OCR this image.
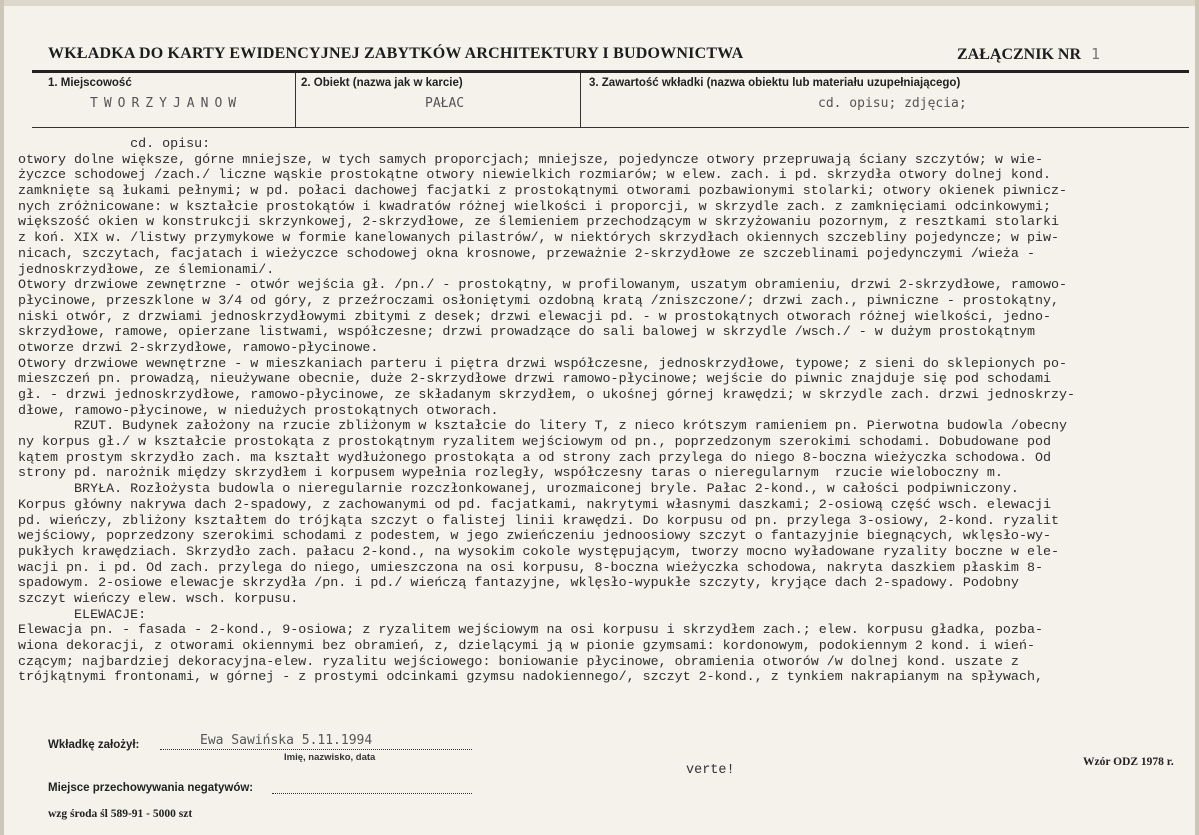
WKŁADKA DO KARTY EWIDENCYJNEJ ZABYTKÓW ARCHITEKTURY I BUDOWNICTWA	ZAŁĄCZNIK NR 1
1. Miejscowość
TWORZYJANOW
2. Obiekt (nazwa jak w karcie)
PAŁAC
3. Zawartość wkładki (nazwa obiektu lub materiału uzupełniającego)
cd. opisu; zdjęcia;
cd. opisu:
otwory dolne większe, górne mniejsze, w tych samych proporcjach; mniejsze, pojedyncze otwory przepruwają ściany szczytów; w wie-
życzce schodowej /zach./ liczne wąskie prostokątne otwory niewielkich rozmiarów; w elew. zach. i pd. skrzydła otwory dolnej kond.
zamknięte są łukami pełnymi; w pd. połaci dachowej facjatki z prostokątnymi otworami pozbawionymi stolarki; otwory okienek piwnicz-
nych zróżnicowane: w kształcie prostokątów i kwadratów różnej wielkości i proporcji, w skrzydle zach. z zamknięciami odcinkowymi;
większość okien w konstrukcji skrzynkowej, 2-skrzydłowe, ze ślemieniem przechodzącym w skrzyżowaniu pozornym, z resztkami stolarki
z koń. XIX w. /listwy przymykowe w formie kanelowanych pilastrów/, w niektórych skrzydłach okiennych szczebliny pojedyncze; w piw-
nicach, szczytach, facjatach i wieżyczce schodowej okna krosnowe, przeważnie 2-skrzydłowe ze szczeblinami pojedynczymi /wieża -
jednoskrzydłowe, ze ślemionami/.
Otwory drzwiowe zewnętrzne - otwór wejścia gł. /pn./ - prostokątny, w profilowanym, uszatym obramieniu, drzwi 2-skrzydłowe, ramowo-
płycinowe, przeszklone w 3/4 od góry, z przeźroczami osłoniętymi ozdobną kratą /zniszczone/; drzwi zach., piwniczne - prostokątny,
niski otwór, z drzwiami jednoskrzydłowymi zbitymi z desek; drzwi elewacji pd. - w prostokątnych otworach różnej wielkości, jedno-
skrzydłowe, ramowe, opierzane listwami, współczesne; drzwi prowadzące do sali balowej w skrzydle /wsch./ - w dużym prostokątnym
otworze drzwi 2-skrzydłowe, ramowo-płycinowe.
Otwory drzwiowe wewnętrzne - w mieszkaniach parteru i piętra drzwi współczesne, jednoskrzydłowe, typowe; z sieni do sklepionych po-
mieszczeń pn. prowadzą, nieużywane obecnie, duże 2-skrzydłowe drzwi ramowo-płycinowe; wejście do piwnic znajduje się pod schodami
gł. - drzwi jednoskrzydłowe, ramowo-płycinowe, ze składanym skrzydłem, o ukośnej górnej krawędzi; w skrzydle zach. drzwi jednoskrzy-
dłowe, ramowo-płycinowe, w niedużych prostokątnych otworach.
RZUT. Budynek założony na rzucie zbliżonym w kształcie do litery T, z nieco krótszym ramieniem pn. Pierwotna budowla /obecny
ny korpus gł./ w kształcie prostokąta z prostokątnym ryzalitem wejściowym od pn., poprzedzonym szerokimi schodami. Dobudowane pod
kątem prostym skrzydło zach. ma kształt wydłużonego prostokąta a od strony zach przylega do niego 8-boczna wieżyczka schodowa. Od
strony pd. narożnik między skrzydłem i korpusem wypełnia rozległy, współczesny taras o nieregularnym  rzucie wieloboczny m.
BRYŁA. Rozłożysta budowla o nieregularnie rozczłonkowanej, urozmaiconej bryle. Pałac 2-kond., w całości podpiwniczony.
Korpus główny nakrywa dach 2-spadowy, z zachowanymi od pd. facjatkami, nakrytymi własnymi daszkami; 2-osiową część wsch. elewacji
pd. wieńczy, zbliżony kształtem do trójkąta szczyt o falistej linii krawędzi. Do korpusu od pn. przylega 3-osiowy, 2-kond. ryzalit
wejściowy, poprzedzony szerokimi schodami z podestem, w jego zwieńczeniu jednoosiowy szczyt o fantazyjnie biegnących, wklęsło-wy-
pukłych krawędziach. Skrzydło zach. pałacu 2-kond., na wysokim cokole występującym, tworzy mocno wyładowane ryzality boczne w ele-
wacji pn. i pd. Od zach. przylega do niego, umieszczona na osi korpusu, 8-boczna wieżyczka schodowa, nakryta daszkiem płaskim 8-
spadowym. 2-osiowe elewacje skrzydła /pn. i pd./ wieńczą fantazyjne, wklęsło-wypukłe szczyty, kryjące dach 2-spadowy. Podobny
szczyt wieńczy elew. wsch. korpusu.
ELEWACJE:
Elewacja pn. - fasada - 2-kond., 9-osiowa; z ryzalitem wejściowym na osi korpusu i skrzydłem zach.; elew. korpusu gładka, pozba-
wiona dekoracji, z otworami okiennymi bez obramień, z, dzielącymi ją w pionie gzymsami: kordonowym, podokiennym 2 kond. i wień-
czącym; najbardziej dekoracyjna-elew. ryzalitu wejściowego: boniowanie płycinowe, obramienia otworów /w dolnej kond. uszate z
trójkątnymi frontonami, w górnej - z prostymi odcinkami gzymsu nadokiennego/, szczyt 2-kond., z tynkiem nakrapianym na spływach,
Wkładkę założył:	Ewa Sawińska 5.11.1994
Imię, nazwisko, data
verte!
Wzór ODZ 1978 r.
Miejsce przechowywania negatywów:
wzg środa śl 589-91 - 5000 szt
